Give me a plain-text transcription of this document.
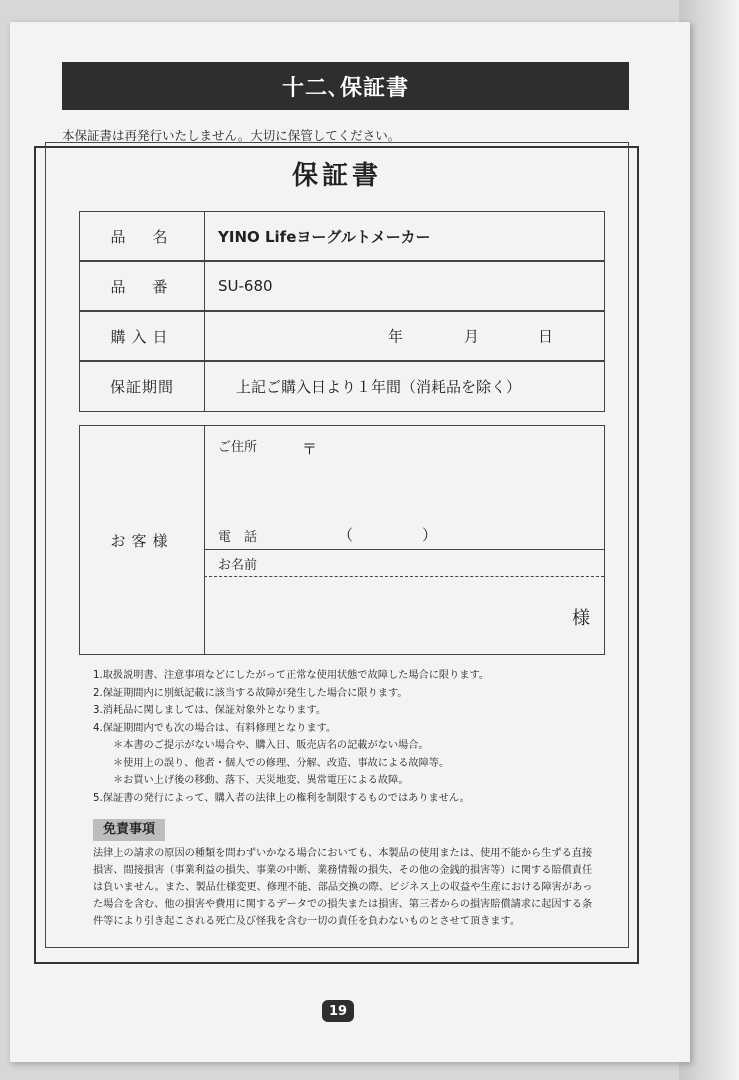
十二､保証書
本保証書は再発行いたしません。大切に保管してください。
保証書
品　名	YINO Lifeヨーグルトメーカー
品　番	SU-680
購入日	年	月	日
保証期間	上記ご購入日より１年間（消耗品を除く）
お客様
ご住所	〒
電　話	（　　　）
お名前
様

1.取扱説明書、注意事項などにしたがって正常な使用状態で故障した場合に限ります。

2.保証期間内に別紙記載に該当する故障が発生した場合に限ります。

3.消耗品に関しましては、保証対象外となります。

4.保証期間内でも次の場合は、有料修理となります。

＊本書のご提示がない場合や、購入日、販売店名の記載がない場合。

＊使用上の誤り、他者・個人での修理、分解、改造、事故による故障等。

＊お買い上げ後の移動、落下、天災地変、異常電圧による故障。

5.保証書の発行によって、購入者の法律上の権利を制限するものではありません。

免責事項
法律上の請求の原因の種類を問わずいかなる場合においても、本製品の使用または、使用不能から生ずる直接損害、間接損害（事業利益の損失、事業の中断、業務情報の損失、その他の金銭的損害等）に関する賠償責任は負いません。また、製品仕様変更、修理不能、部品交換の際、ビジネス上の収益や生産における障害があった場合を含む、他の損害や費用に関するデータでの損失または損害、第三者からの損害賠償請求に起因する条件等により引き起こされる死亡及び怪我を含む一切の責任を負わないものとさせて頂きます。
19
